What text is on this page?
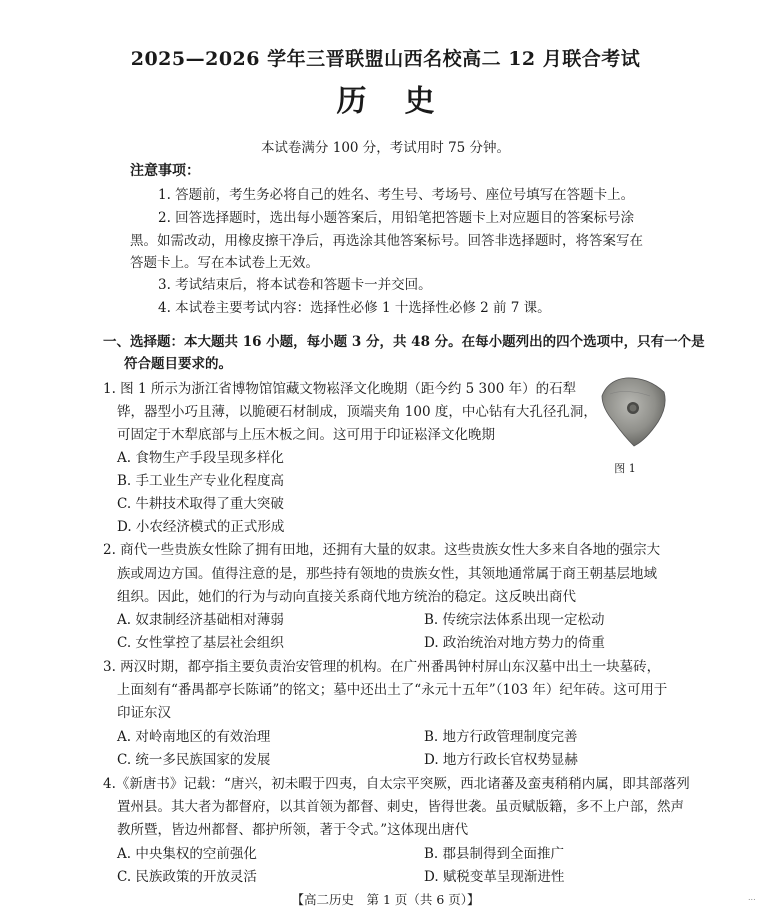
2025—2026 学年三晋联盟山西名校高二 12 月联合考试
历史
本试卷满分 100 分，考试用时 75 分钟。
注意事项：
1. 答题前，考生务必将自己的姓名、考生号、考场号、座位号填写在答题卡上。
2. 回答选择题时，选出每小题答案后，用铅笔把答题卡上对应题目的答案标号涂
黑。如需改动，用橡皮擦干净后，再选涂其他答案标号。回答非选择题时，将答案写在
答题卡上。写在本试卷上无效。
3. 考试结束后，将本试卷和答题卡一并交回。
4. 本试卷主要考试内容：选择性必修 1 十选择性必修 2 前 7 课。
一、选择题：本大题共 16 小题，每小题 3 分，共 48 分。在每小题列出的四个选项中，只有一个是
符合题目要求的。
1. 图 1 所示为浙江省博物馆馆藏文物崧泽文化晚期（距今约 5 300 年）的石犁
铧，器型小巧且薄，以脆硬石材制成，顶端夹角 100 度，中心钻有大孔径孔洞，
可固定于木犁底部与上压木板之间。这可用于印证崧泽文化晚期
A. 食物生产手段呈现多样化
B. 手工业生产专业化程度高
C. 牛耕技术取得了重大突破
D. 小农经济模式的正式形成
图 1
2. 商代一些贵族女性除了拥有田地，还拥有大量的奴隶。这些贵族女性大多来自各地的强宗大
族或周边方国。值得注意的是，那些持有领地的贵族女性，其领地通常属于商王朝基层地域
组织。因此，她们的行为与动向直接关系商代地方统治的稳定。这反映出商代
A. 奴隶制经济基础相对薄弱	B. 传统宗法体系出现一定松动
C. 女性掌控了基层社会组织	D. 政治统治对地方势力的倚重
3. 两汉时期，都亭指主要负责治安管理的机构。在广州番禺钟村屏山东汉墓中出土一块墓砖，
上面刻有“番禺都亭长陈诵”的铭文；墓中还出土了“永元十五年”（103 年）纪年砖。这可用于
印证东汉
A. 对岭南地区的有效治理	B. 地方行政管理制度完善
C. 统一多民族国家的发展	D. 地方行政长官权势显赫
4.《新唐书》记载：“唐兴，初未暇于四夷，自太宗平突厥，西北诸蕃及蛮夷稍稍内属，即其部落列
置州县。其大者为都督府，以其首领为都督、刺史，皆得世袭。虽贡赋版籍，多不上户部，然声
教所暨，皆边州都督、都护所领，著于令式。”这体现出唐代
A. 中央集权的空前强化	B. 郡县制得到全面推广
C. 民族政策的开放灵活	D. 赋税变革呈现渐进性
【高二历史　第 1 页（共 6 页）】	...
